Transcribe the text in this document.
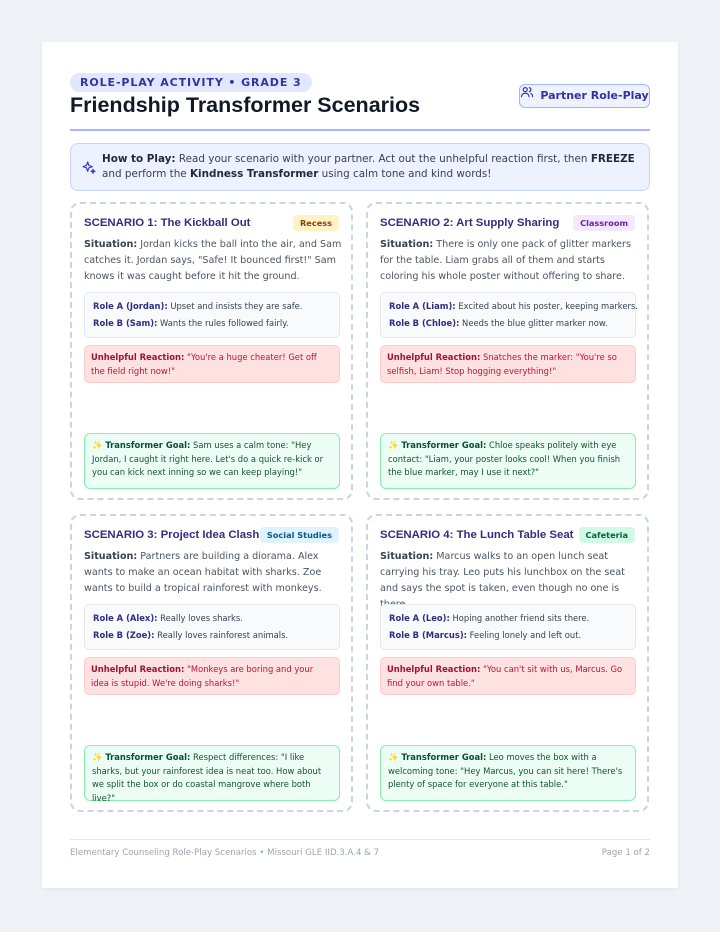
ROLE-PLAY ACTIVITY • GRADE 3
Friendship Transformer Scenarios	Partner Role-Play

How to Play: Read your scenario with your partner. Act out the unhelpful reaction first, then FREEZE and perform the Kindness Transformer using calm tone and kind words!

SCENARIO 1: The Kickball Out	Recess

Situation: Jordan kicks the ball into the air, and Sam catches it. Jordan says, "Safe! It bounced first!" Sam knows it was caught before it hit the ground.

Role A (Jordan): Upset and insists they are safe.
Role B (Sam): Wants the rules followed fairly.
Unhelpful Reaction: "You're a huge cheater! Get off the field right now!"
✨ Transformer Goal: Sam uses a calm tone: "Hey Jordan, I caught it right here. Let's do a quick re-kick or you can kick next inning so we can keep playing!"
SCENARIO 2: Art Supply Sharing	Classroom

Situation: There is only one pack of glitter markers for the table. Liam grabs all of them and starts coloring his whole poster without offering to share.

Role A (Liam): Excited about his poster, keeping markers.
Role B (Chloe): Needs the blue glitter marker now.
Unhelpful Reaction: Snatches the marker: "You're so selfish, Liam! Stop hogging everything!"
✨ Transformer Goal: Chloe speaks politely with eye contact: "Liam, your poster looks cool! When you finish the blue marker, may I use it next?"
SCENARIO 3: Project Idea Clash Social Studies

Situation: Partners are building a diorama. Alex wants to make an ocean habitat with sharks. Zoe wants to build a tropical rainforest with monkeys.

Role A (Alex): Really loves sharks.
Role B (Zoe): Really loves rainforest animals.
Unhelpful Reaction: "Monkeys are boring and your idea is stupid. We're doing sharks!"
✨ Transformer Goal: Respect differences: "I like sharks, but your rainforest idea is neat too. How about we split the box or do coastal mangrove where both live?"
SCENARIO 4: The Lunch Table Seat	Cafeteria

Situation: Marcus walks to an open lunch seat carrying his tray. Leo puts his lunchbox on the seat and says the spot is taken, even though no one is

Role A (Leo): Hoping another friend sits there.
Role B (Marcus): Feeling lonely and left out.
Unhelpful Reaction: "You can't sit with us, Marcus. Go find your own table."
✨ Transformer Goal: Leo moves the box with a welcoming tone: "Hey Marcus, you can sit here! There's plenty of space for everyone at this table."
Elementary Counseling Role-Play Scenarios • Missouri GLE IID.3.A.4 & 7	Page 1 of 2
